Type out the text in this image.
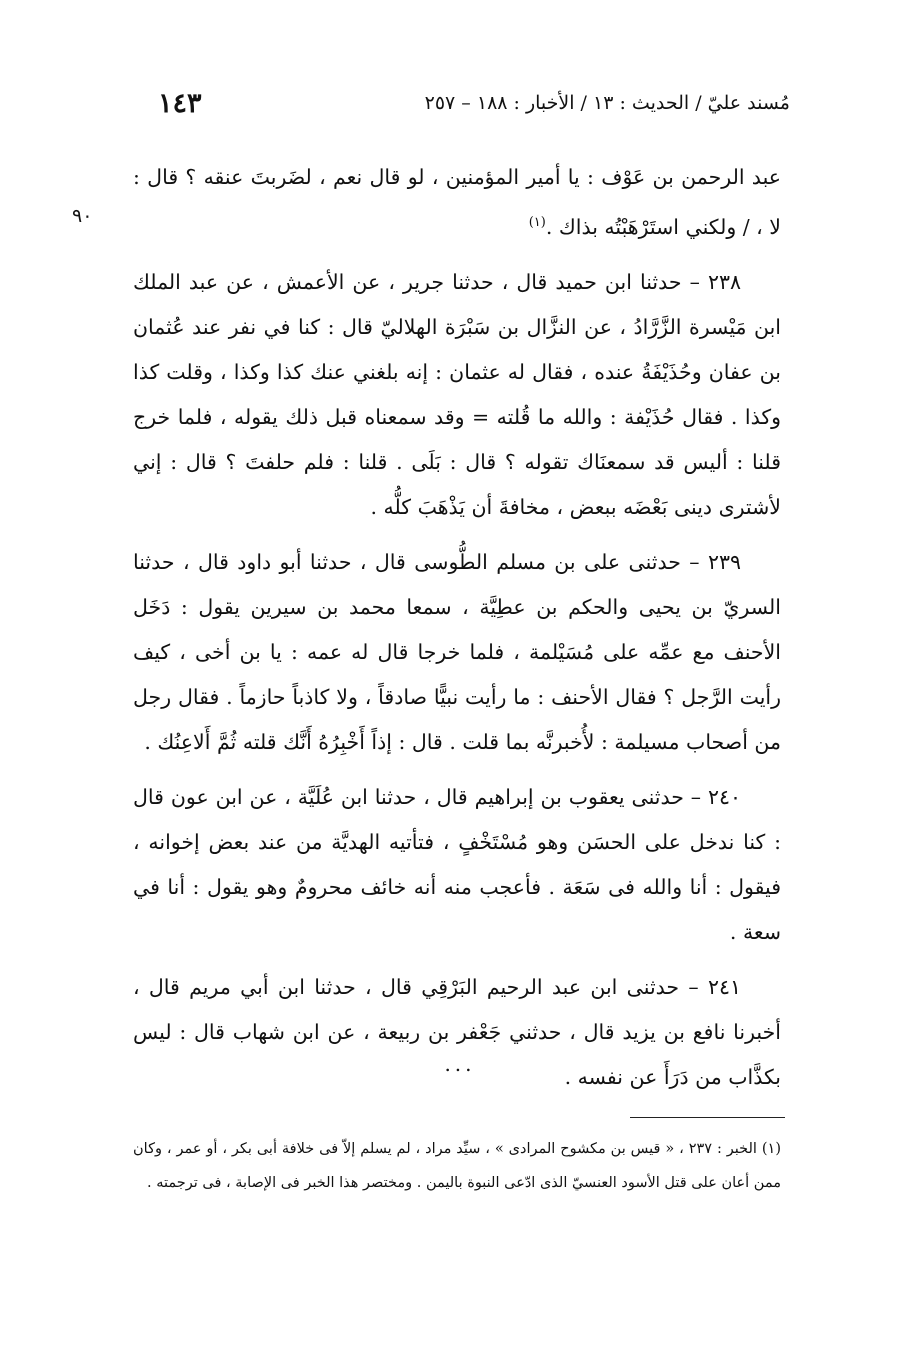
مُسند عليّ / الحديث : ١٣ / الأخبار : ١٨٨ – ٢٥٧
١٤٣
٩٠

عبد الرحمن بن عَوْف : يا أمير المؤمنين ، لو قال نعم ، لضَربتَ عنقه ؟ قال : لا ، / ولكني استَرْهَبْتُه بذاك .$^{(١)}$

٢٣٨ – حدثنا ابن حميد قال ، حدثنا جرير ، عن الأعمش ، عن عبد الملك ابن مَيْسرة الزَّرَّادُ ، عن النزَّال بن سَبْرَة الهلاليّ قال : كنا في نفر عند عُثمان بن عفان وحُذَيْفَةُ عنده ، فقال له عثمان : إنه بلغني عنك كذا وكذا ، وقلت كذا وكذا . فقال حُذَيْفة : والله ما قُلته = وقد سمعناه قبل ذلك يقوله ، فلما خرج قلنا : أليس قد سمعنَاك تقوله ؟ قال : بَلَى . قلنا : فلم حلفتَ ؟ قال : إني لأشترى دينى بَعْضَه ببعض ، مخافةَ أن يَذْهَبَ كلُّه .

٢٣٩ – حدثنى على بن مسلم الطُّوسى قال ، حدثنا أبو داود قال ، حدثنا السريّ بن يحيى والحكم بن عطِيَّة ، سمعا محمد بن سيرين يقول : دَخَل الأحنف مع عمِّه على مُسَيْلمة ، فلما خرجا قال له عمه : يا بن أخى ، كيف رأيت الرَّجل ؟ فقال الأحنف : ما رأيت نبيًّا صادقاً ، ولا كاذباً حازماً . فقال رجل من أصحاب مسيلمة : لأُخبرنَّه بما قلت . قال : إذاً أَخْبِرُهُ أَنَّك قلته ثُمَّ أَلاعِنُك .

٢٤٠ – حدثنى يعقوب بن إبراهيم قال ، حدثنا ابن عُلَيَّة ، عن ابن عون قال : كنا ندخل على الحسَن وهو مُسْتَخْفٍ ، فتأتيه الهديَّة من عند بعض إخوانه ، فيقول : أنا والله فى سَعَة . فأعجب منه أنه خائف محرومٌ وهو يقول : أنا في سعة .

٢٤١ – حدثنى ابن عبد الرحيم البَرْقِي قال ، حدثنا ابن أبي مريم قال ، أخبرنا نافع بن يزيد قال ، حدثني جَعْفر بن ربيعة ، عن ابن شهاب قال : ليس بكذَّاب من دَرَأَ عن نفسه .

...
(١) الخبر : ٢٣٧ ، « قيس بن مكشوح المرادى » ، سيِّد مراد ، لم يسلم إلاّ فى خلافة أبى بكر ، أو عمر ، وكان ممن أعان على قتل الأسود العنسيّ الذى ادّعى النبوة باليمن . ومختصر هذا الخبر فى الإصابة ، فى ترجمته .
